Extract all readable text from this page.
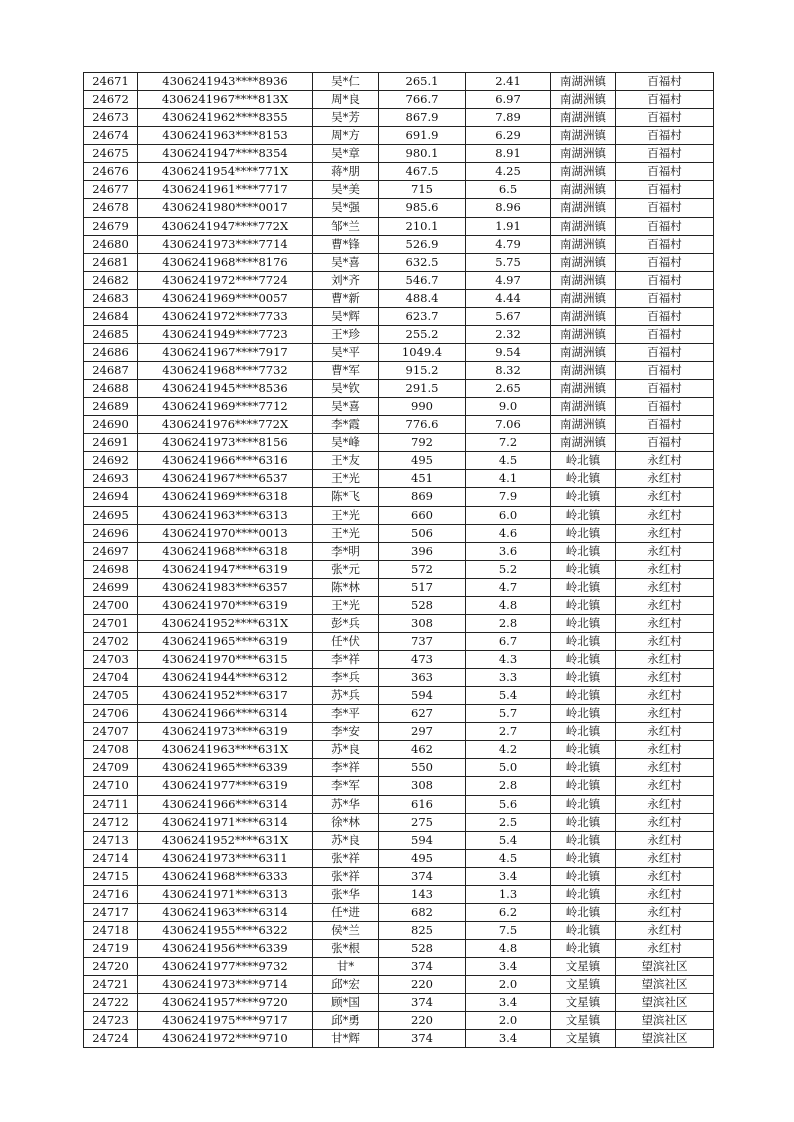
24671	4306241943****8936	吴*仁	265.1	2.41	南湖洲镇	百福村
24672	4306241967****813X	周*良	766.7	6.97	南湖洲镇	百福村
24673	4306241962****8355	吴*芳	867.9	7.89	南湖洲镇	百福村
24674	4306241963****8153	周*方	691.9	6.29	南湖洲镇	百福村
24675	4306241947****8354	吴*章	980.1	8.91	南湖洲镇	百福村
24676	4306241954****771X	蒋*朋	467.5	4.25	南湖洲镇	百福村
24677	4306241961****7717	吴*美	715	6.5	南湖洲镇	百福村
24678	4306241980****0017	吴*强	985.6	8.96	南湖洲镇	百福村
24679	4306241947****772X	邹*兰	210.1	1.91	南湖洲镇	百福村
24680	4306241973****7714	曹*锋	526.9	4.79	南湖洲镇	百福村
24681	4306241968****8176	吴*喜	632.5	5.75	南湖洲镇	百福村
24682	4306241972****7724	刘*齐	546.7	4.97	南湖洲镇	百福村
24683	4306241969****0057	曹*新	488.4	4.44	南湖洲镇	百福村
24684	4306241972****7733	吴*辉	623.7	5.67	南湖洲镇	百福村
24685	4306241949****7723	王*珍	255.2	2.32	南湖洲镇	百福村
24686	4306241967****7917	吴*平	1049.4	9.54	南湖洲镇	百福村
24687	4306241968****7732	曹*军	915.2	8.32	南湖洲镇	百福村
24688	4306241945****8536	吴*钦	291.5	2.65	南湖洲镇	百福村
24689	4306241969****7712	吴*喜	990	9.0	南湖洲镇	百福村
24690	4306241976****772X	李*霞	776.6	7.06	南湖洲镇	百福村
24691	4306241973****8156	吴*峰	792	7.2	南湖洲镇	百福村
24692	4306241966****6316	王*友	495	4.5	岭北镇	永红村
24693	4306241967****6537	王*光	451	4.1	岭北镇	永红村
24694	4306241969****6318	陈*飞	869	7.9	岭北镇	永红村
24695	4306241963****6313	王*光	660	6.0	岭北镇	永红村
24696	4306241970****0013	王*光	506	4.6	岭北镇	永红村
24697	4306241968****6318	李*明	396	3.6	岭北镇	永红村
24698	4306241947****6319	张*元	572	5.2	岭北镇	永红村
24699	4306241983****6357	陈*林	517	4.7	岭北镇	永红村
24700	4306241970****6319	王*光	528	4.8	岭北镇	永红村
24701	4306241952****631X	彭*兵	308	2.8	岭北镇	永红村
24702	4306241965****6319	任*伏	737	6.7	岭北镇	永红村
24703	4306241970****6315	李*祥	473	4.3	岭北镇	永红村
24704	4306241944****6312	李*兵	363	3.3	岭北镇	永红村
24705	4306241952****6317	苏*兵	594	5.4	岭北镇	永红村
24706	4306241966****6314	李*平	627	5.7	岭北镇	永红村
24707	4306241973****6319	李*安	297	2.7	岭北镇	永红村
24708	4306241963****631X	苏*良	462	4.2	岭北镇	永红村
24709	4306241965****6339	李*祥	550	5.0	岭北镇	永红村
24710	4306241977****6319	李*军	308	2.8	岭北镇	永红村
24711	4306241966****6314	苏*华	616	5.6	岭北镇	永红村
24712	4306241971****6314	徐*林	275	2.5	岭北镇	永红村
24713	4306241952****631X	苏*良	594	5.4	岭北镇	永红村
24714	4306241973****6311	张*祥	495	4.5	岭北镇	永红村
24715	4306241968****6333	张*祥	374	3.4	岭北镇	永红村
24716	4306241971****6313	张*华	143	1.3	岭北镇	永红村
24717	4306241963****6314	任*进	682	6.2	岭北镇	永红村
24718	4306241955****6322	侯*兰	825	7.5	岭北镇	永红村
24719	4306241956****6339	张*根	528	4.8	岭北镇	永红村
24720	4306241977****9732	甘*	374	3.4	文星镇	望滨社区
24721	4306241973****9714	邱*宏	220	2.0	文星镇	望滨社区
24722	4306241957****9720	顾*国	374	3.4	文星镇	望滨社区
24723	4306241975****9717	邱*勇	220	2.0	文星镇	望滨社区
24724	4306241972****9710	甘*辉	374	3.4	文星镇	望滨社区
